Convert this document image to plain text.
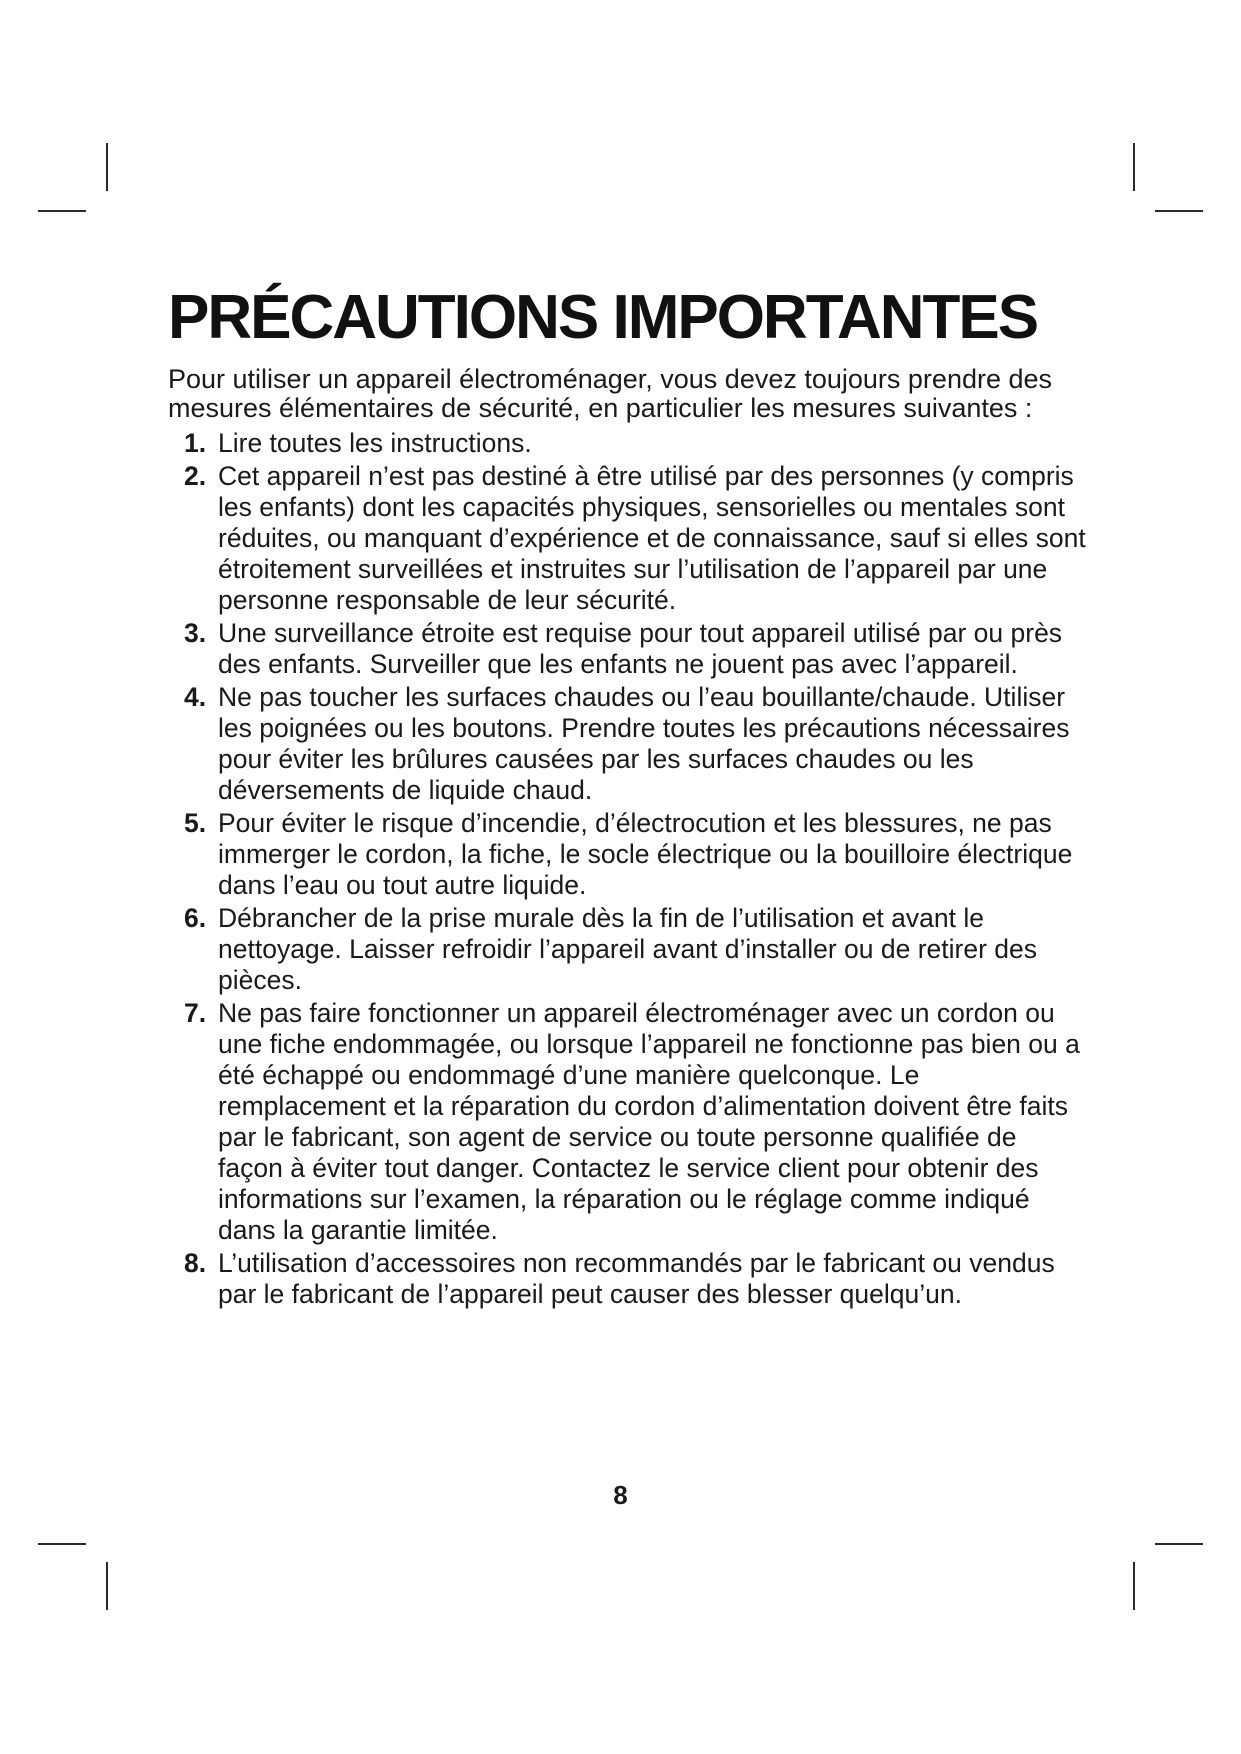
PRÉCAUTIONS IMPORTANTES

Pour utiliser un appareil électroménager, vous devez toujours prendre des mesures élémentaires de sécurité, en particulier les mesures suivantes :

1. Lire toutes les instructions.
2. Cet appareil n’est pas destiné à être utilisé par des personnes (y compris les enfants) dont les capacités physiques, sensorielles ou mentales sont réduites, ou manquant d’expérience et de connaissance, sauf si elles sont étroitement surveillées et instruites sur l’utilisation de l’appareil par une personne responsable de leur sécurité.
3. Une surveillance étroite est requise pour tout appareil utilisé par ou près des enfants. Surveiller que les enfants ne jouent pas avec l’appareil.
4. Ne pas toucher les surfaces chaudes ou l’eau bouillante/chaude. Utiliser les poignées ou les boutons. Prendre toutes les précautions nécessaires pour éviter les brûlures causées par les surfaces chaudes ou les déversements de liquide chaud.
5. Pour éviter le risque d’incendie, d’électrocution et les blessures, ne pas immerger le cordon, la fiche, le socle électrique ou la bouilloire électrique dans l’eau ou tout autre liquide.
6. Débrancher de la prise murale dès la fin de l’utilisation et avant le nettoyage. Laisser refroidir l’appareil avant d’installer ou de retirer des pièces.
7. Ne pas faire fonctionner un appareil électroménager avec un cordon ou une fiche endommagée, ou lorsque l’appareil ne fonctionne pas bien ou a été échappé ou endommagé d’une manière quelconque. Le remplacement et la réparation du cordon d’alimentation doivent être faits par le fabricant, son agent de service ou toute personne qualifiée de façon à éviter tout danger. Contactez le service client pour obtenir des informations sur l’examen, la réparation ou le réglage comme indiqué dans la garantie limitée.
8. L’utilisation d’accessoires non recommandés par le fabricant ou vendus par le fabricant de l’appareil peut causer des blesser quelqu’un.
8
